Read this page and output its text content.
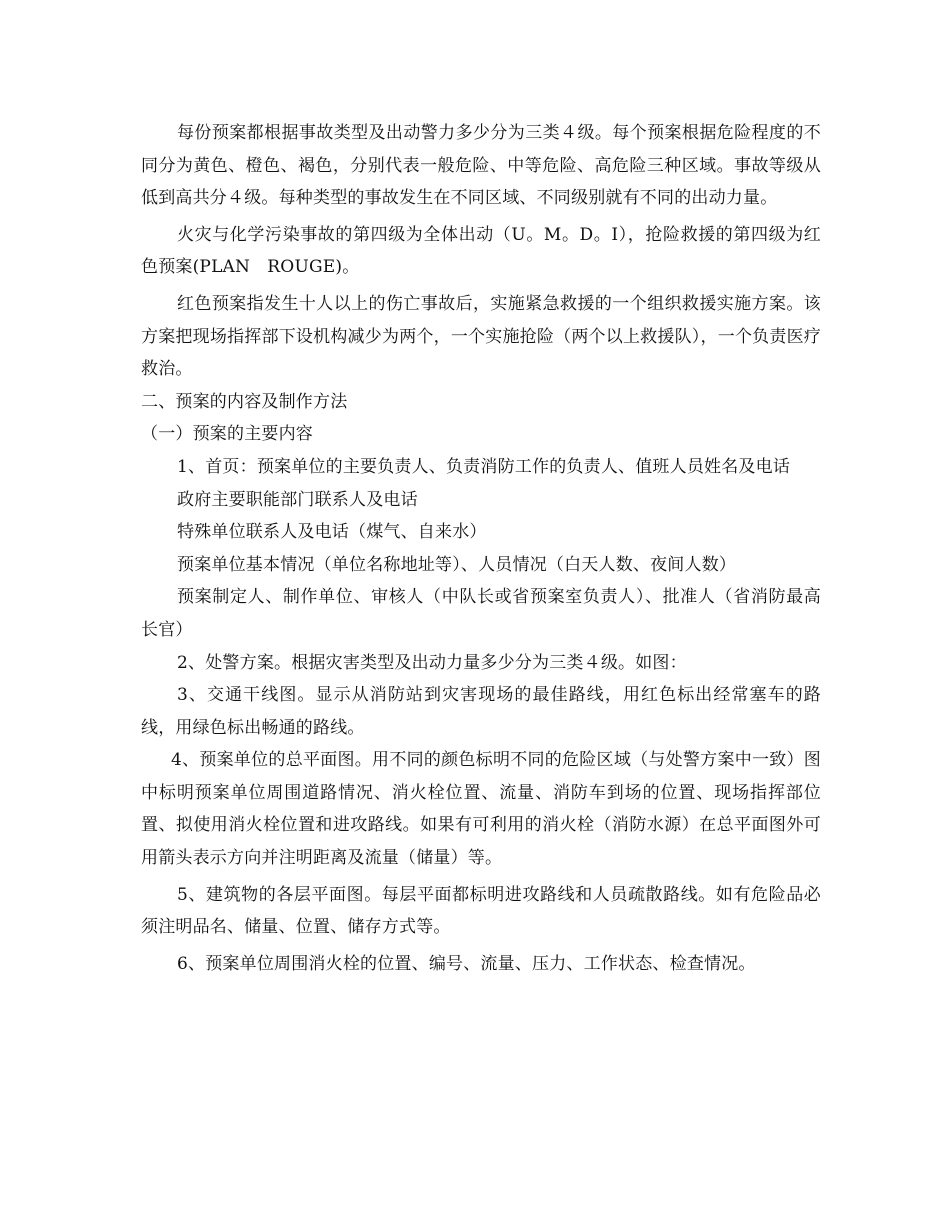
每份预案都根据事故类型及出动警力多少分为三类４级。每个预案根据危险程度的不同分为黄色、橙色、褐色，分别代表一般危险、中等危险、高危险三种区域。事故等级从低到高共分４级。每种类型的事故发生在不同区域、不同级别就有不同的出动力量。

火灾与化学污染事故的第四级为全体出动（U。M。D。I），抢险救援的第四级为红色预案(PLAN　ROUGE)。

红色预案指发生十人以上的伤亡事故后，实施紧急救援的一个组织救援实施方案。该方案把现场指挥部下设机构减少为两个，一个实施抢险（两个以上救援队），一个负责医疗救治。

二、预案的内容及制作方法

（一）预案的主要内容

1、首页：预案单位的主要负责人、负责消防工作的负责人、值班人员姓名及电话

政府主要职能部门联系人及电话

特殊单位联系人及电话（煤气、自来水）

预案单位基本情况（单位名称地址等）、人员情况（白天人数、夜间人数）

预案制定人、制作单位、审核人（中队长或省预案室负责人）、批准人（省消防最高长官）

2、处警方案。根据灾害类型及出动力量多少分为三类４级。如图：

3、交通干线图。显示从消防站到灾害现场的最佳路线，用红色标出经常塞车的路线，用绿色标出畅通的路线。

4、预案单位的总平面图。用不同的颜色标明不同的危险区域（与处警方案中一致）图中标明预案单位周围道路情况、消火栓位置、流量、消防车到场的位置、现场指挥部位置、拟使用消火栓位置和进攻路线。如果有可利用的消火栓（消防水源）在总平面图外可用箭头表示方向并注明距离及流量（储量）等。

5、建筑物的各层平面图。每层平面都标明进攻路线和人员疏散路线。如有危险品必须注明品名、储量、位置、储存方式等。

6、预案单位周围消火栓的位置、编号、流量、压力、工作状态、检查情况。
